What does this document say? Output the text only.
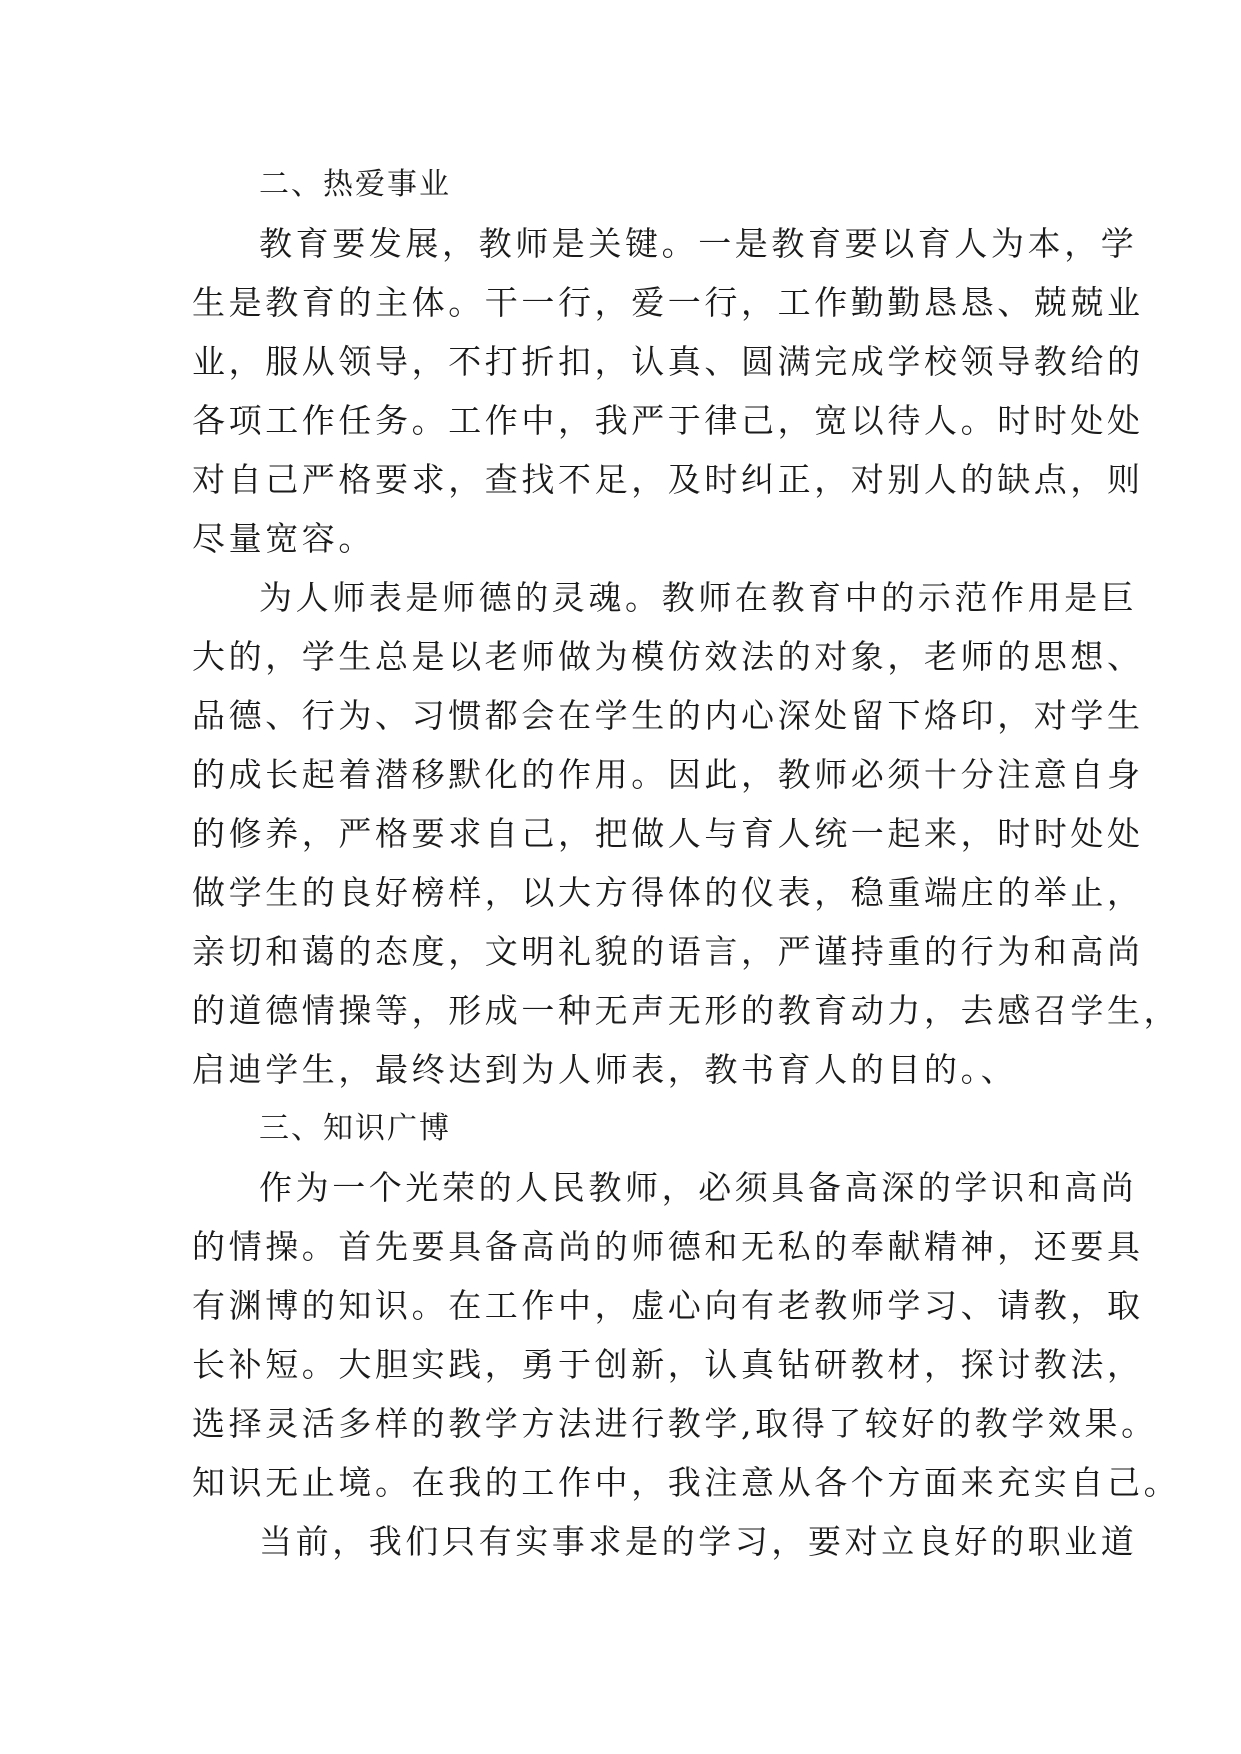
二、热爱事业
教育要发展，教师是关键。一是教育要以育人为本，学
生是教育的主体。干一行，爱一行，工作勤勤恳恳、兢兢业
业，服从领导，不打折扣，认真、圆满完成学校领导教给的
各项工作任务。工作中，我严于律己，宽以待人。时时处处
对自己严格要求，查找不足，及时纠正，对别人的缺点，则
尽量宽容。
为人师表是师德的灵魂。教师在教育中的示范作用是巨
大的，学生总是以老师做为模仿效法的对象，老师的思想、
品德、行为、习惯都会在学生的内心深处留下烙印，对学生
的成长起着潜移默化的作用。因此，教师必须十分注意自身
的修养，严格要求自己，把做人与育人统一起来，时时处处
做学生的良好榜样，以大方得体的仪表，稳重端庄的举止，
亲切和蔼的态度，文明礼貌的语言，严谨持重的行为和高尚
的道德情操等，形成一种无声无形的教育动力，去感召学生，
启迪学生，最终达到为人师表，教书育人的目的。、
三、知识广博
作为一个光荣的人民教师，必须具备高深的学识和高尚
的情操。首先要具备高尚的师德和无私的奉献精神，还要具
有渊博的知识。在工作中，虚心向有老教师学习、请教，取
长补短。大胆实践，勇于创新，认真钻研教材，探讨教法，
选择灵活多样的教学方法进行教学,取得了较好的教学效果。
知识无止境。在我的工作中，我注意从各个方面来充实自己。
当前，我们只有实事求是的学习，要对立良好的职业道
